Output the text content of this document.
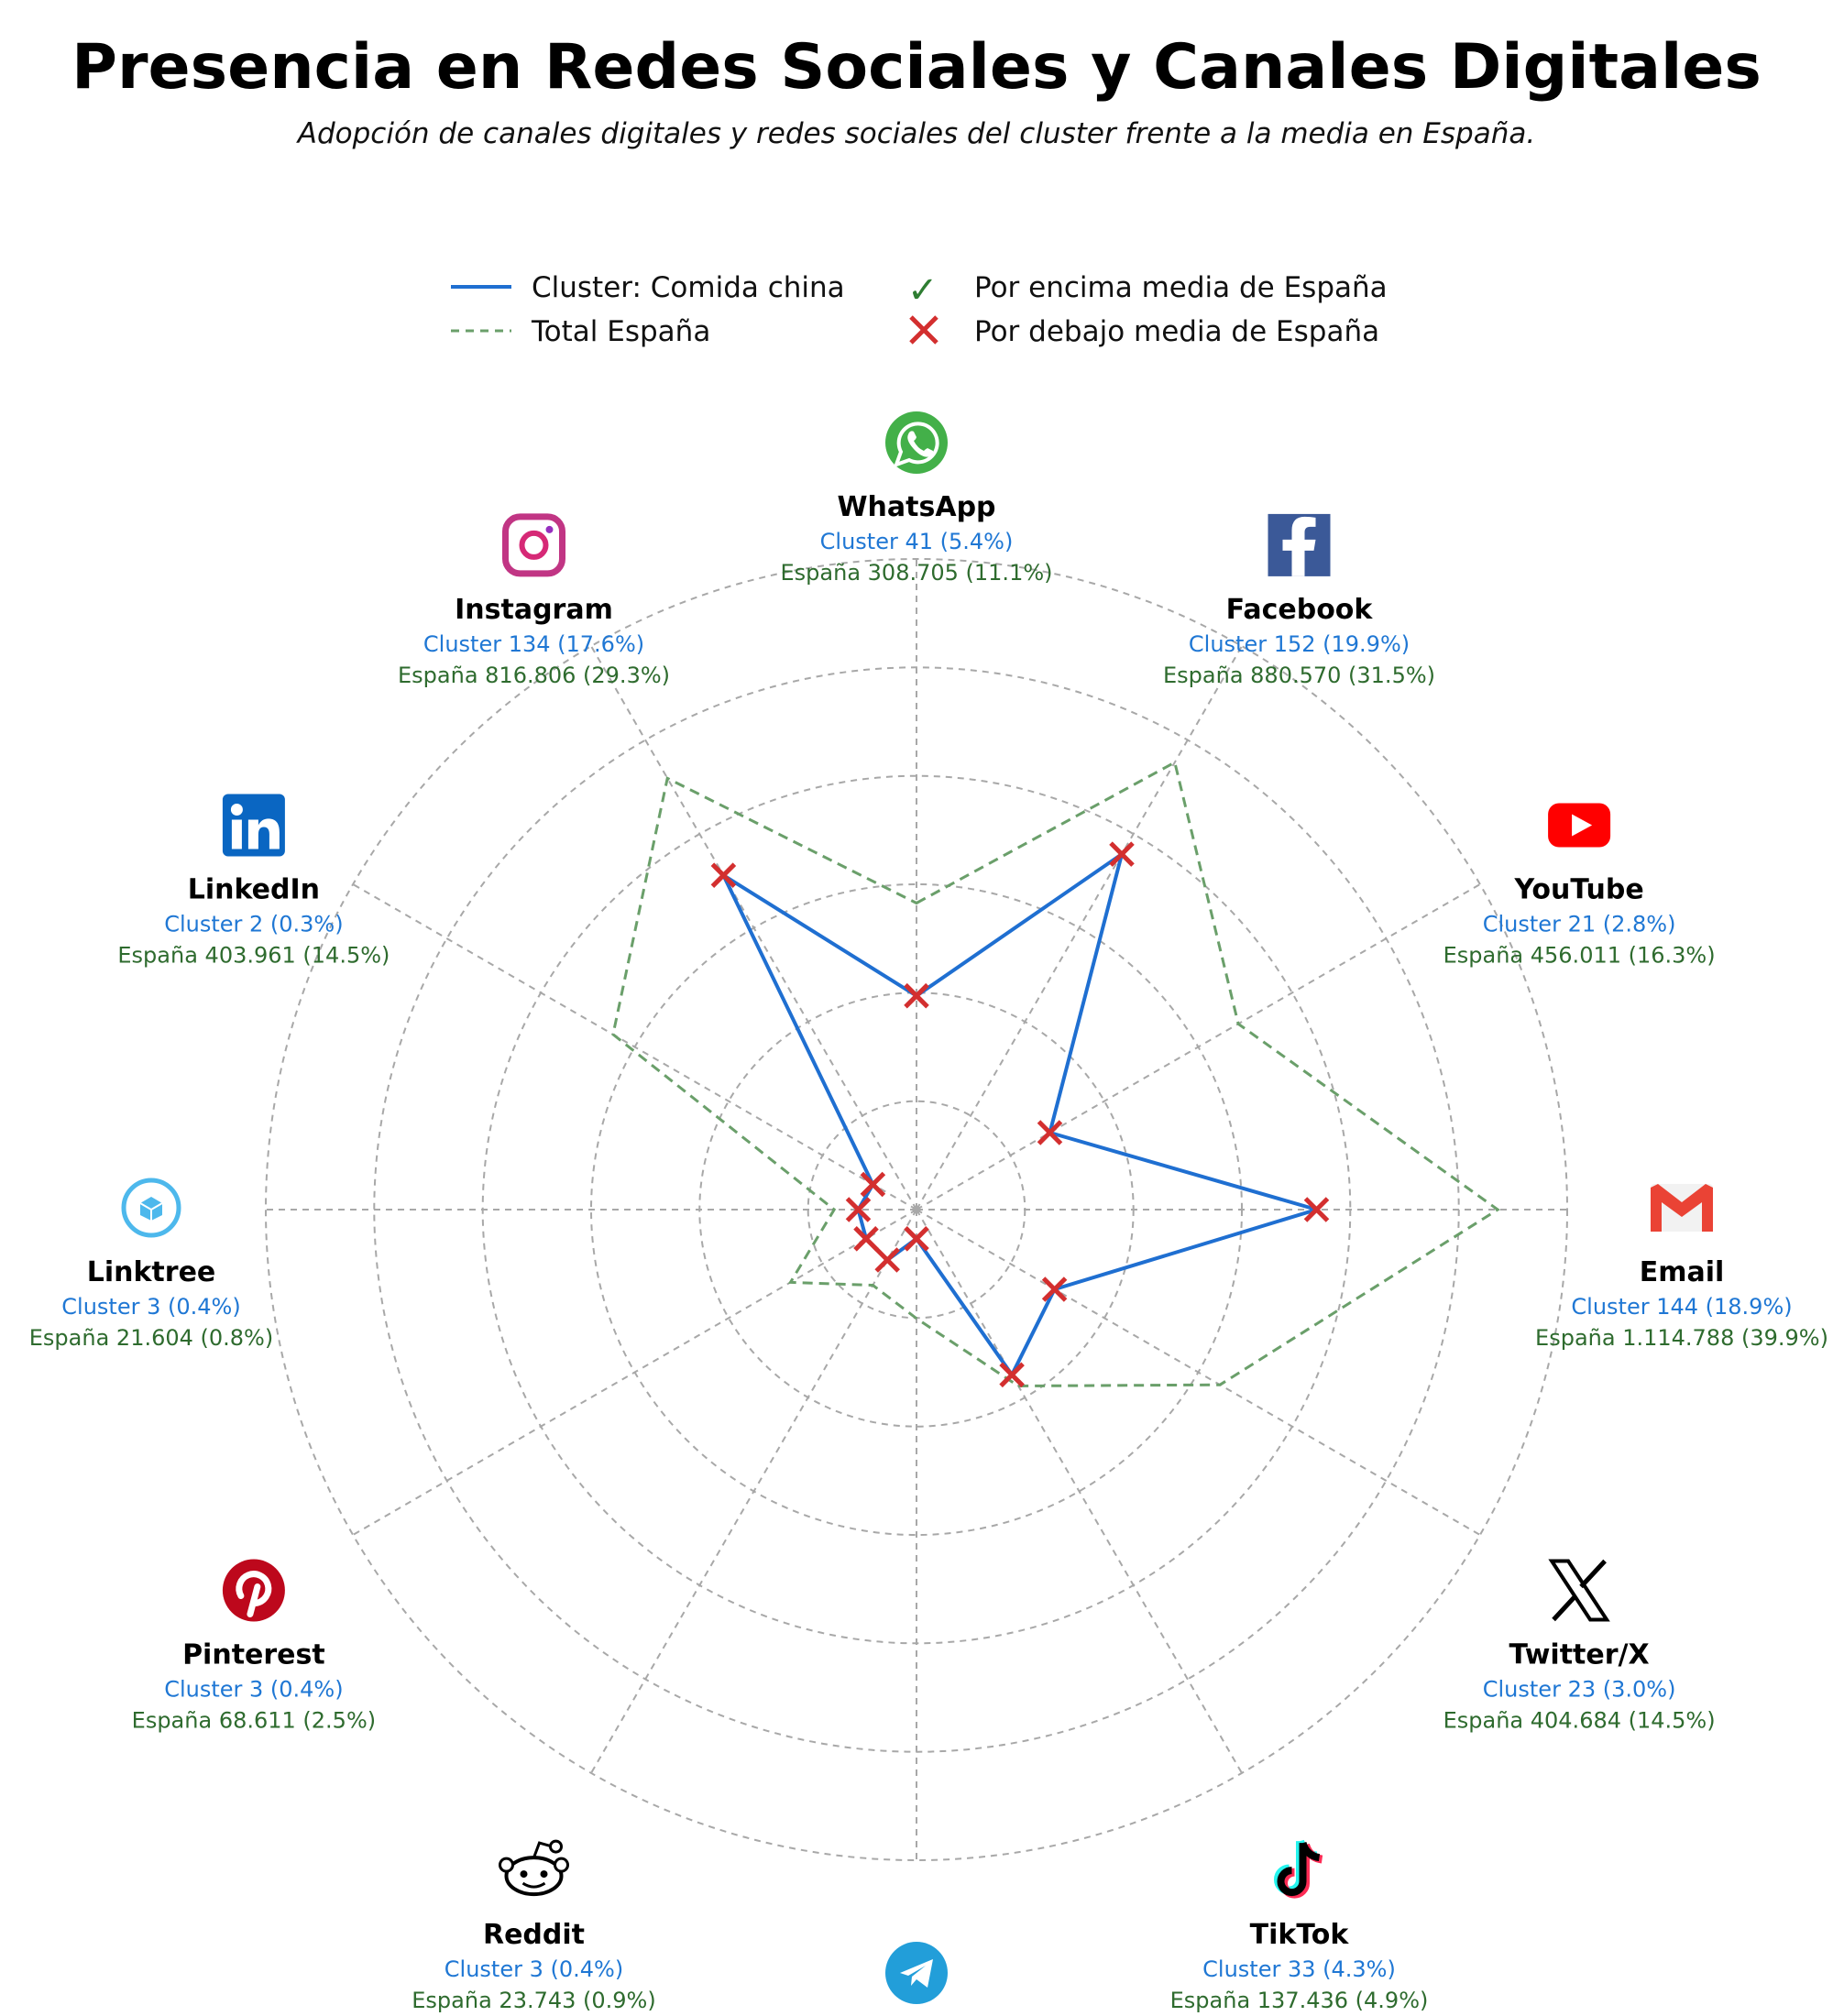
Presencia en Redes Sociales y Canales Digitales
Adopción de canales digitales y redes sociales del cluster frente a la media en España.
Cluster: Comida china
Total España
✓ Por encima media de España
Por debajo media de España
WhatsApp
Cluster 41 (5.4%)
España 308.705 (11.1%)
Facebook
Cluster 152 (19.9%)
España 880.570 (31.5%)
YouTube
Cluster 21 (2.8%)
España 456.011 (16.3%)
Email
Cluster 144 (18.9%)
España 1.114.788 (39.9%)
Twitter/X
Cluster 23 (3.0%)
España 404.684 (14.5%)
TikTok
Cluster 33 (4.3%)
España 137.436 (4.9%)
Reddit
Cluster 3 (0.4%)
España 23.743 (0.9%)
Pinterest
Cluster 3 (0.4%)
España 68.611 (2.5%)
Linktree
Cluster 3 (0.4%)
España 21.604 (0.8%)
LinkedIn
Cluster 2 (0.3%)
España 403.961 (14.5%)
Instagram
Cluster 134 (17.6%)
España 816.806 (29.3%)
